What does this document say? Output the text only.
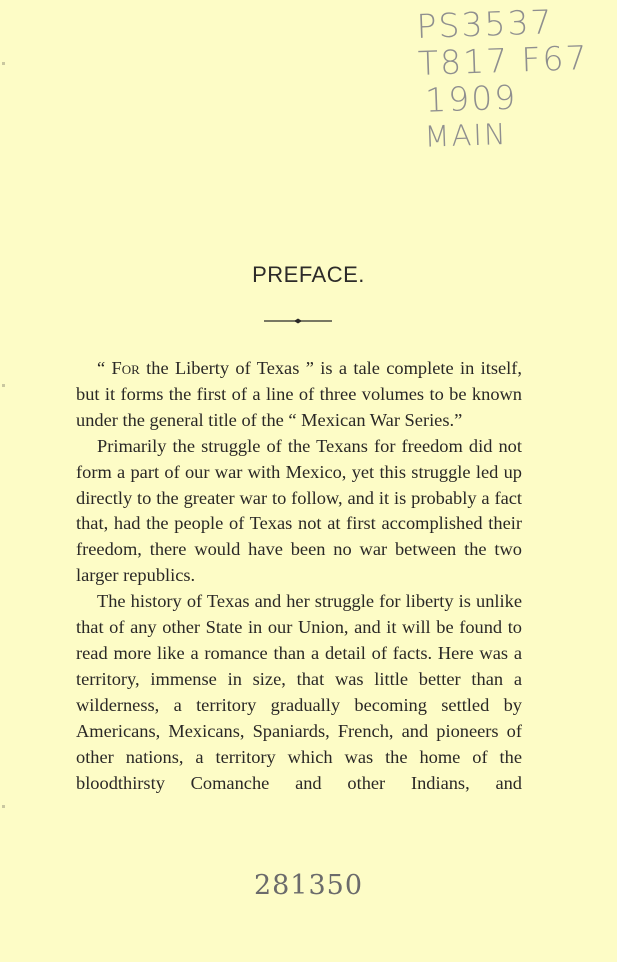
PS3537
T817 F67
1909
MAIN
PREFACE.

“ For the Liberty of Texas ” is a tale complete in itself, but it forms the first of a line of three volumes to be known under the general title of the “ Mexican War Series.”

Primarily the struggle of the Texans for freedom did not form a part of our war with Mexico, yet this struggle led up directly to the greater war to follow, and it is probably a fact that, had the people of Texas not at first accomplished their freedom, there would have been no war between the two larger republics.

The history of Texas and her struggle for liberty is unlike that of any other State in our Union, and it will be found to read more like a romance than a detail of facts. Here was a territory, immense in size, that was little better than a wilderness, a territory gradually becoming settled by Americans, Mexicans, Spaniards, French, and pioneers of other nations, a territory which was the home of the bloodthirsty Comanche and other Indians, and

281350
